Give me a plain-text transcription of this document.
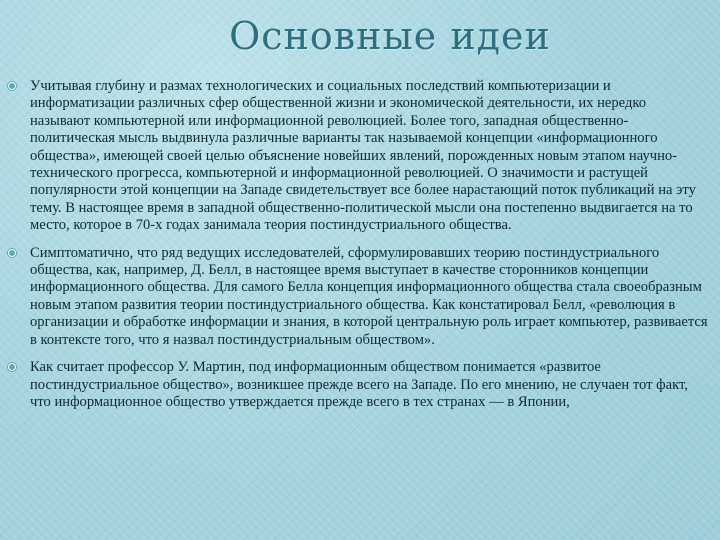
Основные идеи
Учитывая глубину и размах технологических и социальных последствий компьютеризации и информатизации различных сфер общественной жизни и экономической деятельности, их нередко называют компьютерной или информационной революцией. Более того, западная общественно-политическая мысль выдвинула различные варианты так называемой концепции «информационного общества», имеющей своей целью объяснение новейших явлений, порожденных новым этапом научно-технического прогресса, компьютерной и информационной революцией. О значимости и растущей популярности этой концепции на Западе свидетельствует все более нарастающий поток публикаций на эту тему. В настоящее время в западной общественно-политической мысли она постепенно выдвигается на то место, которое в 70-х годах занимала теория постиндустриального общества.
Симптоматично, что ряд ведущих исследователей, сформулировавших теорию постиндустриального общества, как, например, Д. Белл, в настоящее время выступает в качестве сторонников концепции информационного общества. Для самого Белла концепция информационного общества стала своеобразным новым этапом развития теории постиндустриального общества. Как констатировал Белл, «революция в организации и обработке информации и знания, в которой центральную роль играет компьютер, развивается в контексте того, что я назвал постиндустриальным обществом».
Как считает профессор У. Мартин, под информационным обществом понимается «развитое постиндустриальное общество», возникшее прежде всего на Западе. По его мнению, не случаен тот факт, что информационное общество утверждается прежде всего в тех странах — в Японии,
